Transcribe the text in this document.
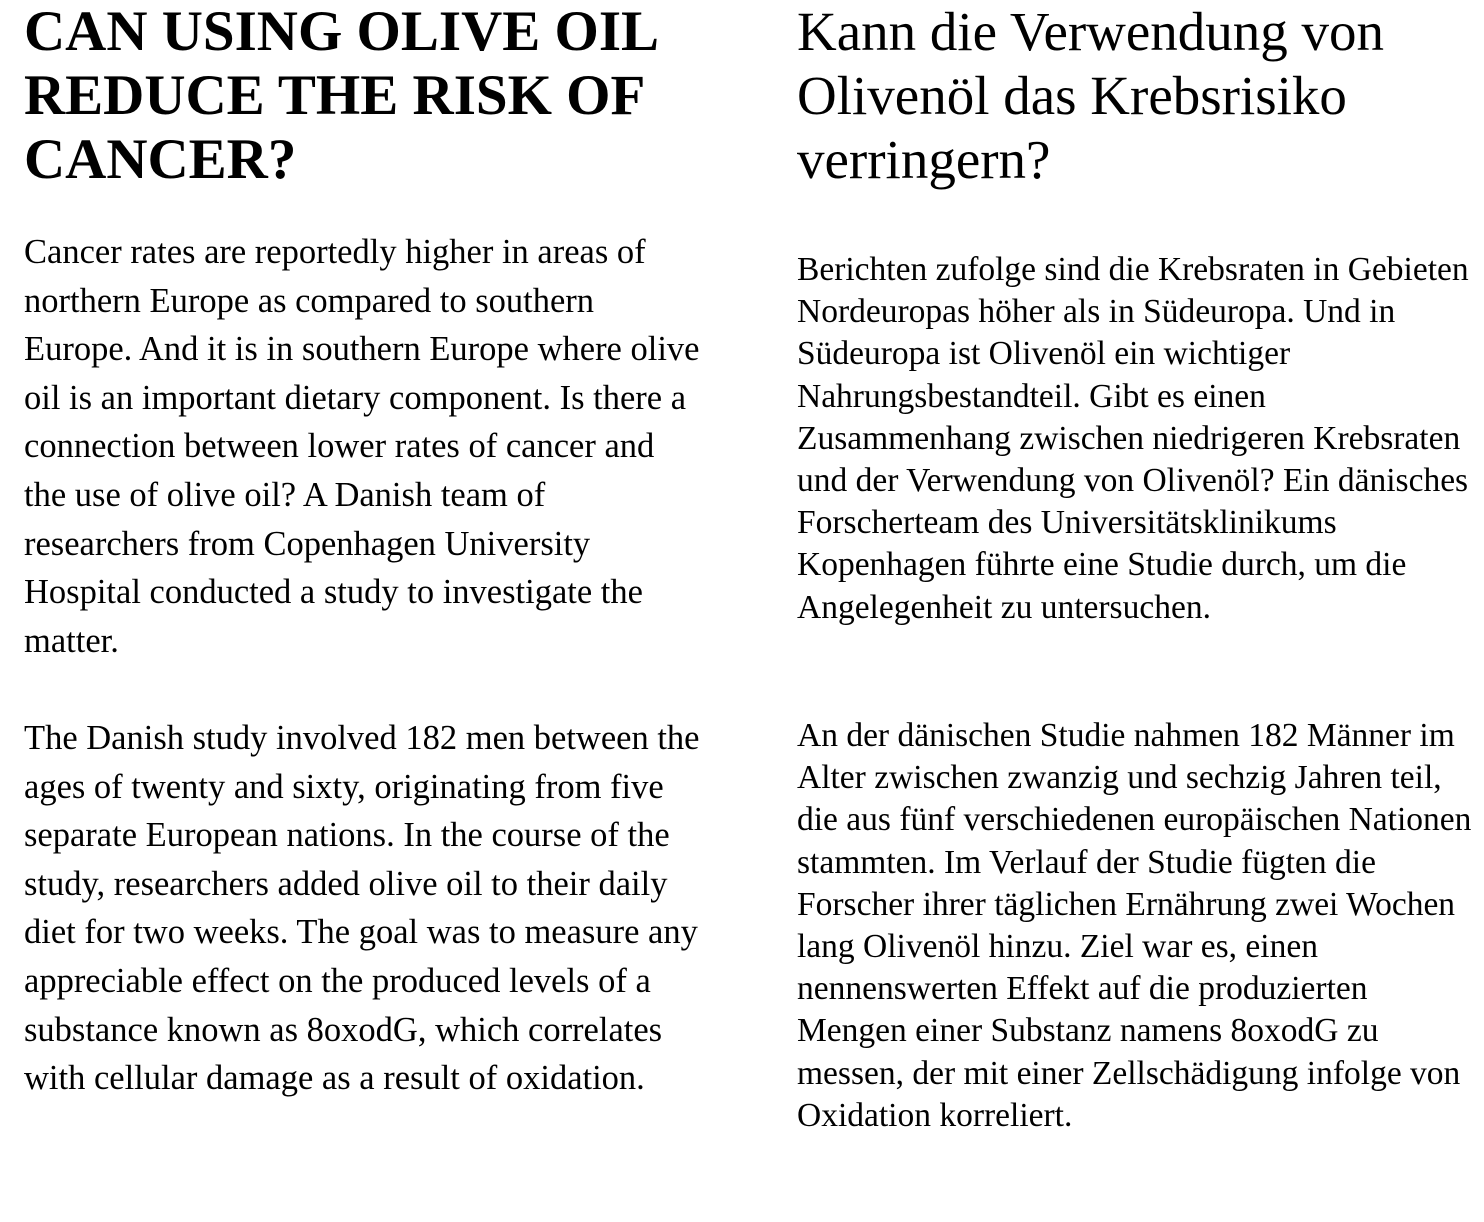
CAN USING OLIVE OIL REDUCE THE RISK OF CANCER?

Cancer rates are reportedly higher in areas of northern Europe as compared to southern Europe. And it is in southern Europe where olive oil is an important dietary component. Is there a connection between lower rates of cancer and the use of olive oil? A Danish team of researchers from Copenhagen University Hospital conducted a study to investigate the matter.

The Danish study involved 182 men between the ages of twenty and sixty, originating from five separate European nations. In the course of the study, researchers added olive oil to their daily diet for two weeks. The goal was to measure any appreciable effect on the produced levels of a substance known as 8oxodG, which correlates with cellular damage as a result of oxidation.

Kann die Verwendung von Olivenöl das Krebsrisiko verringern?

Berichten zufolge sind die Krebsraten in Gebieten Nordeuropas höher als in Südeuropa. Und in Südeuropa ist Olivenöl ein wichtiger Nahrungsbestandteil. Gibt es einen Zusammenhang zwischen niedrigeren Krebsraten und der Verwendung von Olivenöl? Ein dänisches Forscherteam des Universitätsklinikums Kopenhagen führte eine Studie durch, um die Angelegenheit zu untersuchen.

An der dänischen Studie nahmen 182 Männer im Alter zwischen zwanzig und sechzig Jahren teil, die aus fünf verschiedenen europäischen Nationen stammten. Im Verlauf der Studie fügten die Forscher ihrer täglichen Ernährung zwei Wochen lang Olivenöl hinzu. Ziel war es, einen nennenswerten Effekt auf die produzierten Mengen einer Substanz namens 8oxodG zu messen, der mit einer Zellschädigung infolge von Oxidation korreliert.
